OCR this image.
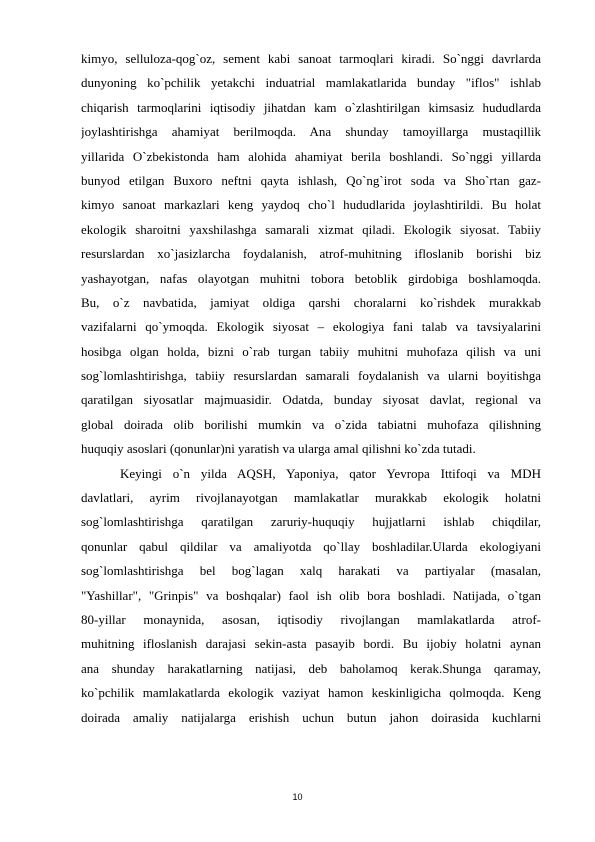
kimyo, selluloza-qog`oz, sement kabi sanoat tarmoqlari kiradi. So`nggi davrlarda
dunyoning ko`pchilik yetakchi induatrial mamlakatlarida bunday "iflos" ishlab
chiqarish tarmoqlarini iqtisodiy jihatdan kam o`zlashtirilgan kimsasiz hududlarda
joylashtirishga ahamiyat berilmoqda. Ana shunday tamoyillarga mustaqillik
yillarida O`zbekistonda ham alohida ahamiyat berila boshlandi. So`nggi yillarda
bunyod etilgan Buxoro neftni qayta ishlash, Qo`ng`irot soda va Sho`rtan gaz-
kimyo sanoat markazlari keng yaydoq cho`l hududlarida joylashtirildi. Bu holat
ekologik sharoitni yaxshilashga samarali xizmat qiladi. Ekologik siyosat. Tabiiy
resurslardan xo`jasizlarcha foydalanish, atrof-muhitning ifloslanib borishi biz
yashayotgan, nafas olayotgan muhitni tobora betoblik girdobiga boshlamoqda.
Bu, o`z navbatida, jamiyat oldiga qarshi choralarni ko`rishdek murakkab
vazifalarni qo`ymoqda. Ekologik siyosat – ekologiya fani talab va tavsiyalarini
hosibga olgan holda, bizni o`rab turgan tabiiy muhitni muhofaza qilish va uni
sog`lomlashtirishga, tabiiy resurslardan samarali foydalanish va ularni boyitishga
qaratilgan siyosatlar majmuasidir. Odatda, bunday siyosat davlat, regional va
global doirada olib borilishi mumkin va o`zida tabiatni muhofaza qilishning
huquqiy asoslari (qonunlar)ni yaratish va ularga amal qilishni ko`zda tutadi.
Keyingi o`n yilda AQSH, Yaponiya, qator Yevropa Ittifoqi va MDH
davlatlari, ayrim rivojlanayotgan mamlakatlar murakkab ekologik holatni
sog`lomlashtirishga qaratilgan zaruriy-huquqiy hujjatlarni ishlab chiqdilar,
qonunlar qabul qildilar va amaliyotda qo`llay boshladilar.Ularda ekologiyani
sog`lomlashtirishga bel bog`lagan xalq harakati va partiyalar (masalan,
"Yashillar", "Grinpis" va boshqalar) faol ish olib bora boshladi. Natijada, o`tgan
80-yillar monaynida, asosan, iqtisodiy rivojlangan mamlakatlarda atrof-
muhitning ifloslanish darajasi sekin-asta pasayib bordi. Bu ijobiy holatni aynan
ana shunday harakatlarning natijasi, deb baholamoq kerak.Shunga qaramay,
ko`pchilik mamlakatlarda ekologik vaziyat hamon keskinligicha qolmoqda. Keng
doirada amaliy natijalarga erishish uchun butun jahon doirasida kuchlarni
10
